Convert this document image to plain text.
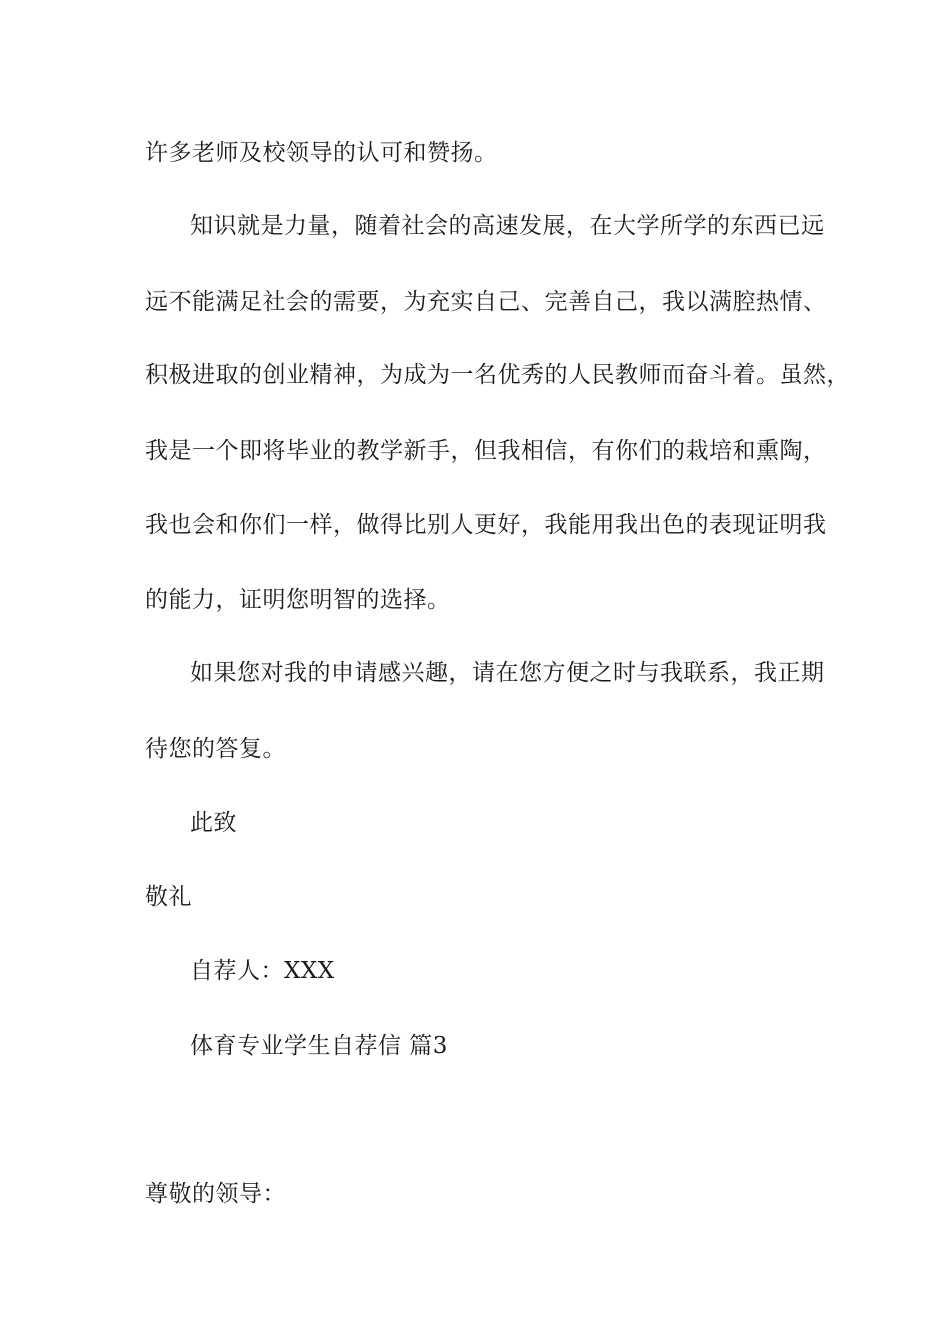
许多老师及校领导的认可和赞扬。
知识就是力量，随着社会的高速发展，在大学所学的东西已远
远不能满足社会的需要，为充实自己、完善自己，我以满腔热情、
积极进取的创业精神，为成为一名优秀的人民教师而奋斗着。虽然，
我是一个即将毕业的教学新手，但我相信，有你们的栽培和熏陶，
我也会和你们一样，做得比别人更好，我能用我出色的表现证明我
的能力，证明您明智的选择。
如果您对我的申请感兴趣，请在您方便之时与我联系，我正期
待您的答复。
此致
敬礼
自荐人：XXX
体育专业学生自荐信 篇3
尊敬的领导：
